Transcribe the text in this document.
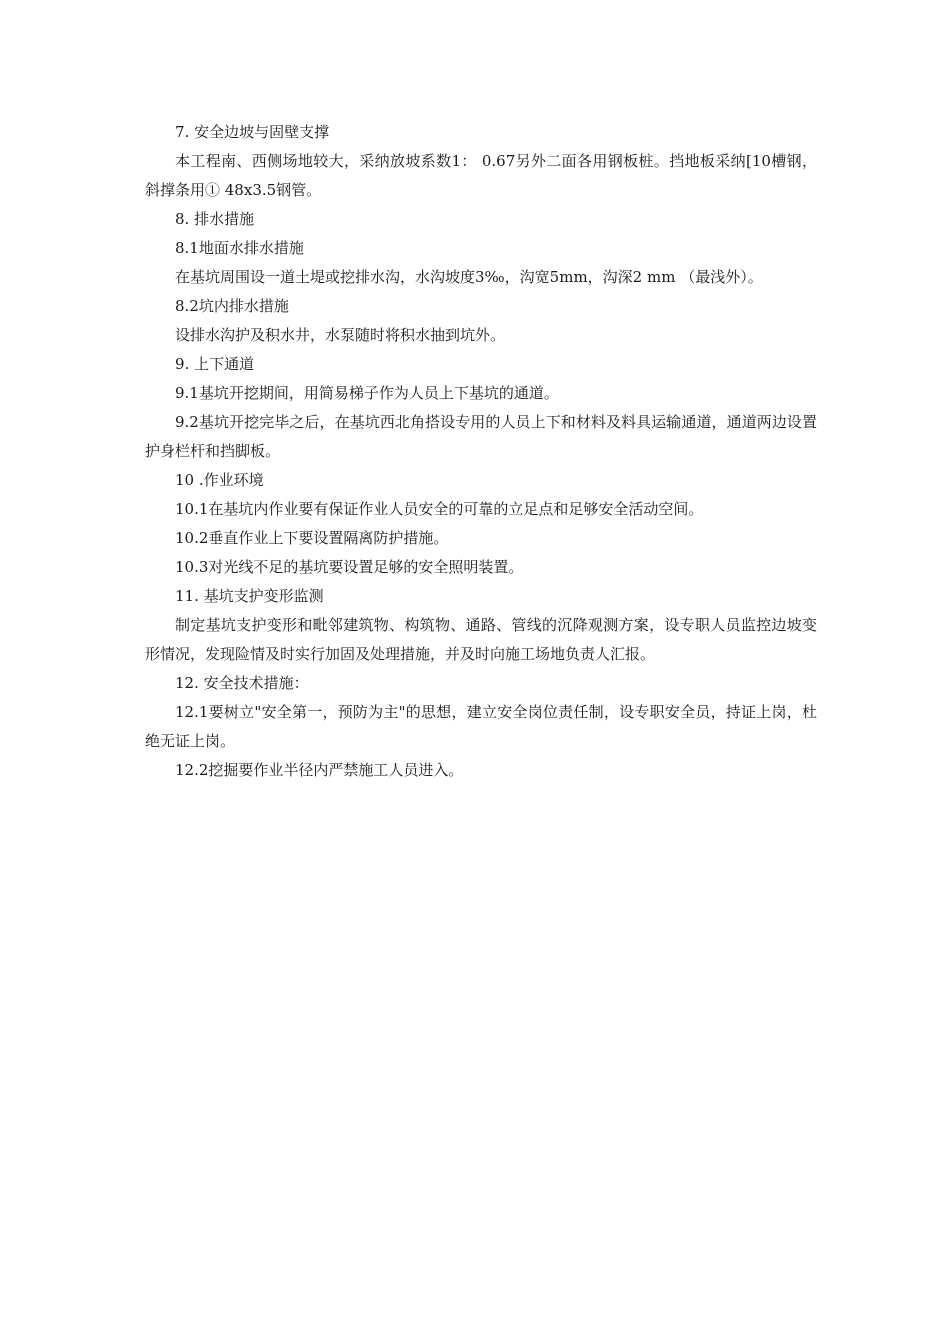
7. 安全边坡与固壁支撑

本工程南、西侧场地较大，采纳放坡系数1： 0.67另外二面各用钢板桩。挡地板采纳[10槽钢，斜撑条用① 48x3.5钢管。

8. 排水措施

8.1地面水排水措施

在基坑周围设一道土堤或挖排水沟，水沟坡度3‰，沟宽5mm，沟深2 mm （最浅外）。

8.2坑内排水措施

设排水沟护及积水井，水泵随时将积水抽到坑外。

9. 上下通道

9.1基坑开挖期间，用简易梯子作为人员上下基坑的通道。

9.2基坑开挖完毕之后，在基坑西北角搭设专用的人员上下和材料及料具运输通道，通道两边设置护身栏杆和挡脚板。

10 .作业环境

10.1在基坑内作业要有保证作业人员安全的可靠的立足点和足够安全活动空间。

10.2垂直作业上下要设置隔离防护措施。

10.3对光线不足的基坑要设置足够的安全照明装置。

11. 基坑支护变形监测

制定基坑支护变形和毗邻建筑物、构筑物、通路、管线的沉降观测方案，设专职人员监控边坡变形情况，发现险情及时实行加固及处理措施，并及时向施工场地负责人汇报。

12. 安全技术措施：

12.1要树立"安全第一，预防为主"的思想，建立安全岗位责任制，设专职安全员，持证上岗，杜绝无证上岗。

12.2挖掘要作业半径内严禁施工人员进入。
